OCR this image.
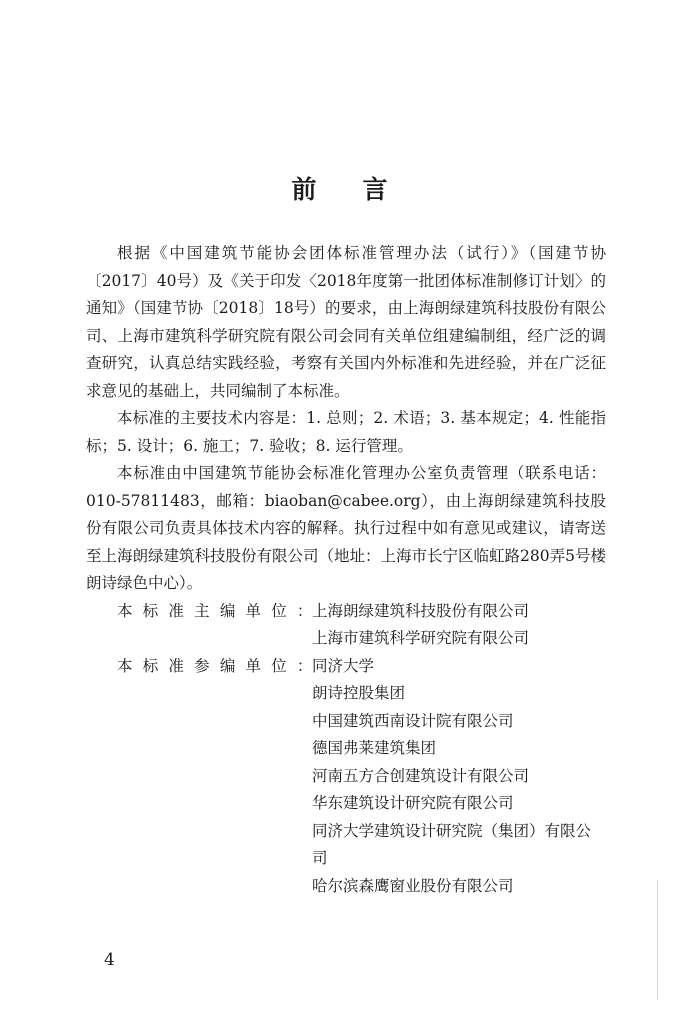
前 言

根据《中国建筑节能协会团体标准管理办法（试行）》（国建节协〔2017〕40号）及《关于印发〈2018年度第一批团体标准制修订计划〉的通知》（国建节协〔2018〕18号）的要求，由上海朗绿建筑科技股份有限公司、上海市建筑科学研究院有限公司会同有关单位组建编制组，经广泛的调查研究，认真总结实践经验，考察有关国内外标准和先进经验，并在广泛征求意见的基础上，共同编制了本标准。

本标准的主要技术内容是：1. 总则；2. 术语；3. 基本规定；4. 性能指标；5. 设计；6. 施工；7. 验收；8. 运行管理。

本标准由中国建筑节能协会标准化管理办公室负责管理（联系电话：010-57811483，邮箱：biaoban@cabee.org），由上海朗绿建筑科技股份有限公司负责具体技术内容的解释。执行过程中如有意见或建议，请寄送至上海朗绿建筑科技股份有限公司（地址：上海市长宁区临虹路280弄5号楼朗诗绿色中心）。

本 标 准 主 编 单 位 ： 上海朗绿建筑科技股份有限公司
上海市建筑科学研究院有限公司
本 标 准 参 编 单 位 ： 同济大学
朗诗控股集团
中国建筑西南设计院有限公司
德国弗莱建筑集团
河南五方合创建筑设计有限公司
华东建筑设计研究院有限公司
同济大学建筑设计研究院（集团）有限公司
哈尔滨森鹰窗业股份有限公司
4
